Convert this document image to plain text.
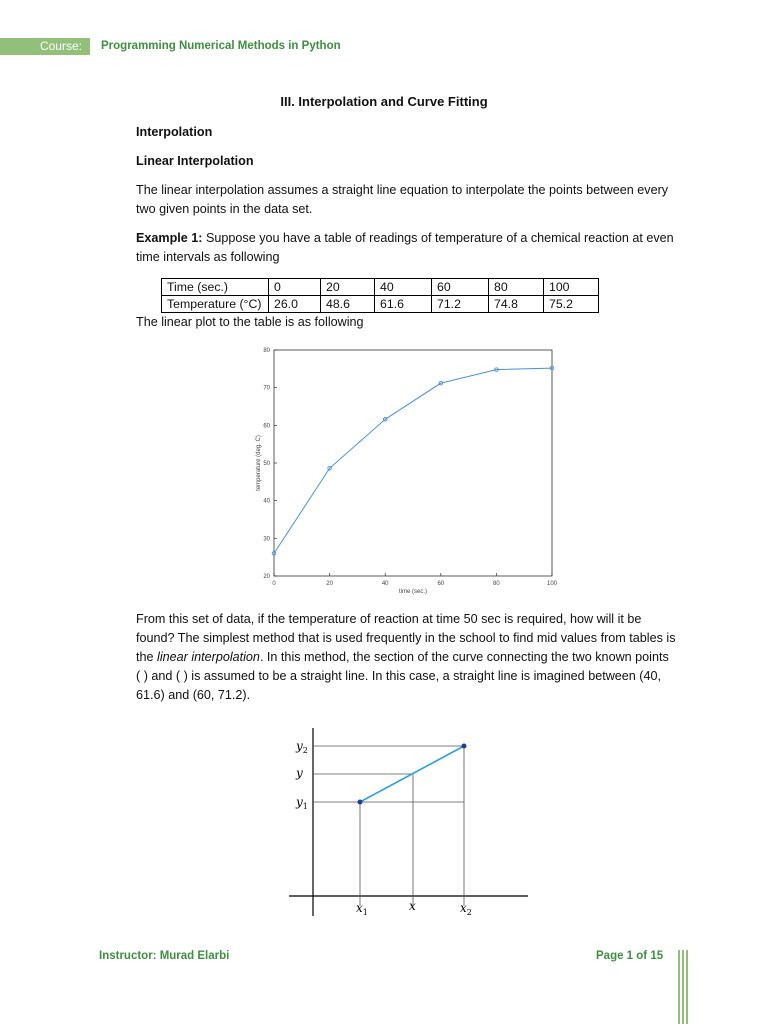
Course:	Programming Numerical Methods in Python
III. Interpolation and Curve Fitting
Interpolation
Linear Interpolation
The linear interpolation assumes a straight line equation to interpolate the points between every two given points in the data set.
Example 1: Suppose you have a table of readings of temperature of a chemical reaction at even time intervals as following
Time (sec.)	0	20	40	60	80	100
Temperature (°C)	26.0	48.6	61.6	71.2	74.8	75.2
The linear plot to the table is as following
0	20	40	60	80	100
20
30
40
50
60
70
80
time (sec.)
temperature (deg. C)
From this set of data, if the temperature of reaction at time 50 sec is required, how will it be found? The simplest method that is used frequently in the school to find mid values from tables is the linear interpolation. In this method, the section of the curve connecting the two known points ( ) and ( ) is assumed to be a straight line. In this case, a straight line is imagined between (40, 61.6) and (60, 71.2).
$y_2$
y
$y_1$
$x_1$	x	$x_2$
Instructor: Murad Elarbi	Page 1 of 15
